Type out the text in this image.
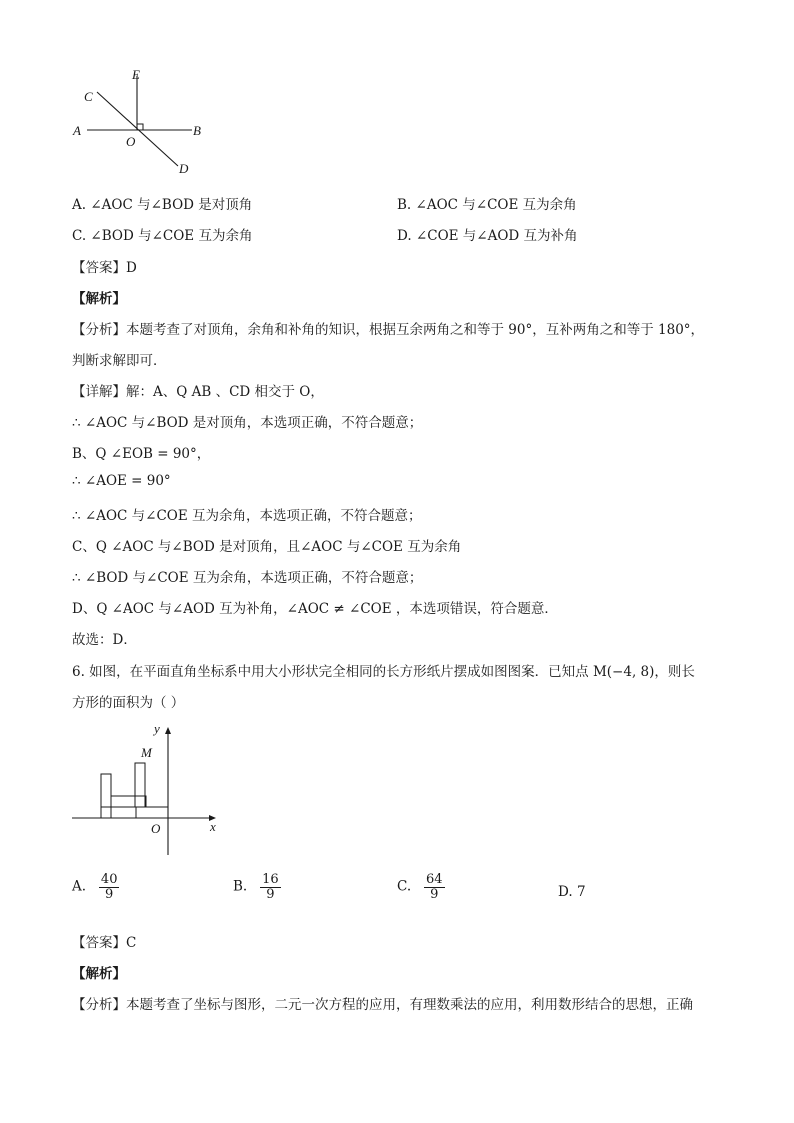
A	B
C
D
E
O
A. ∠AOC 与∠BOD 是对顶角	B. ∠AOC 与∠COE 互为余角
C. ∠BOD 与∠COE 互为余角	D. ∠COE 与∠AOD 互为补角
【答案】D
【解析】
【分析】本题考查了对顶角，余角和补角的知识，根据互余两角之和等于 90°，互补两角之和等于 180°，
判断求解即可．
【详解】解：A、Q AB 、CD 相交于 O，
∴ ∠AOC 与∠BOD 是对顶角，本选项正确，不符合题意；
B、Q ∠EOB = 90°，
∴ ∠AOE = 90°
∴ ∠AOC 与∠COE 互为余角，本选项正确，不符合题意；
C、Q ∠AOC 与∠BOD 是对顶角，且∠AOC 与∠COE 互为余角
∴ ∠BOD 与∠COE 互为余角，本选项正确，不符合题意；
D、Q ∠AOC 与∠AOD 互为补角，∠AOC ≠ ∠COE ，本选项错误，符合题意．
故选：D．
6. 如图，在平面直角坐标系中用大小形状完全相同的长方形纸片摆成如图图案．已知点 M(−4, 8)，则长
方形的面积为（ ）
y
x
M
O
A. $\frac{40}{9}$	B. $\frac{16}{9}$	C. $\frac{64}{9}$	D. 7
【答案】C
【解析】
【分析】本题考查了坐标与图形，二元一次方程的应用，有理数乘法的应用，利用数形结合的思想，正确
